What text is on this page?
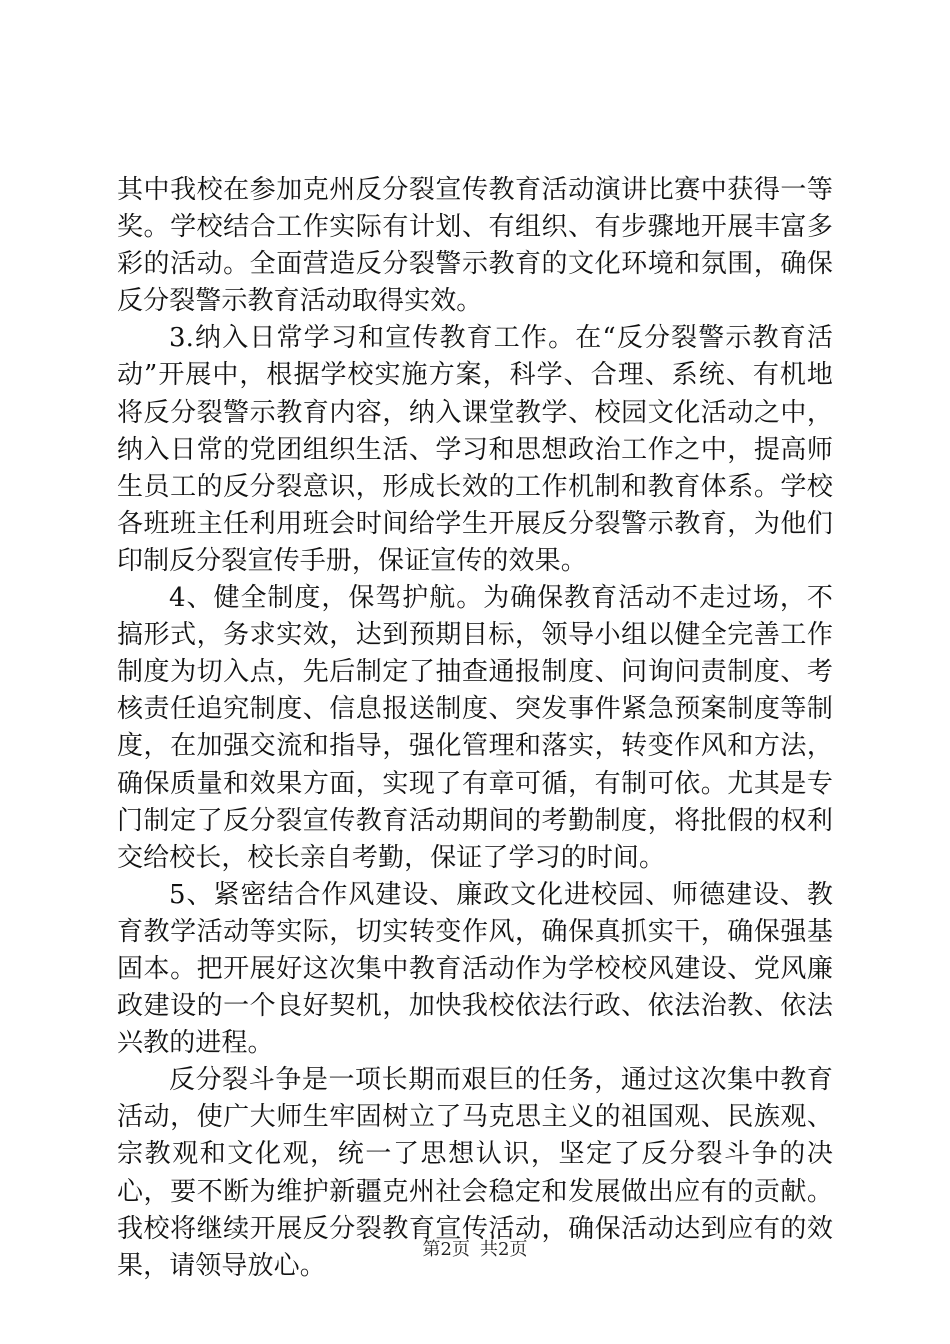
其中我校在参加克州反分裂宣传教育活动演讲比赛中获得一等奖。学校结合工作实际有计划、有组织、有步骤地开展丰富多彩的活动。全面营造反分裂警示教育的文化环境和氛围，确保反分裂警示教育活动取得实效。

3.纳入日常学习和宣传教育工作。在“反分裂警示教育活动”开展中，根据学校实施方案，科学、合理、系统、有机地将反分裂警示教育内容，纳入课堂教学、校园文化活动之中，纳入日常的党团组织生活、学习和思想政治工作之中，提高师生员工的反分裂意识，形成长效的工作机制和教育体系。学校各班班主任利用班会时间给学生开展反分裂警示教育，为他们印制反分裂宣传手册，保证宣传的效果。

4、健全制度，保驾护航。为确保教育活动不走过场，不搞形式，务求实效，达到预期目标，领导小组以健全完善工作制度为切入点，先后制定了抽查通报制度、问询问责制度、考核责任追究制度、信息报送制度、突发事件紧急预案制度等制度，在加强交流和指导，强化管理和落实，转变作风和方法，确保质量和效果方面，实现了有章可循，有制可依。尤其是专门制定了反分裂宣传教育活动期间的考勤制度，将批假的权利交给校长，校长亲自考勤，保证了学习的时间。

5、紧密结合作风建设、廉政文化进校园、师德建设、教育教学活动等实际，切实转变作风，确保真抓实干，确保强基固本。把开展好这次集中教育活动作为学校校风建设、党风廉政建设的一个良好契机，加快我校依法行政、依法治教、依法兴教的进程。

反分裂斗争是一项长期而艰巨的任务，通过这次集中教育活动，使广大师生牢固树立了马克思主义的祖国观、民族观、宗教观和文化观，统一了思想认识，坚定了反分裂斗争的决心，要不断为维护新疆克州社会稳定和发展做出应有的贡献。我校将继续开展反分裂教育宣传活动，确保活动达到应有的效果，请领导放心。

第2页 共2页
